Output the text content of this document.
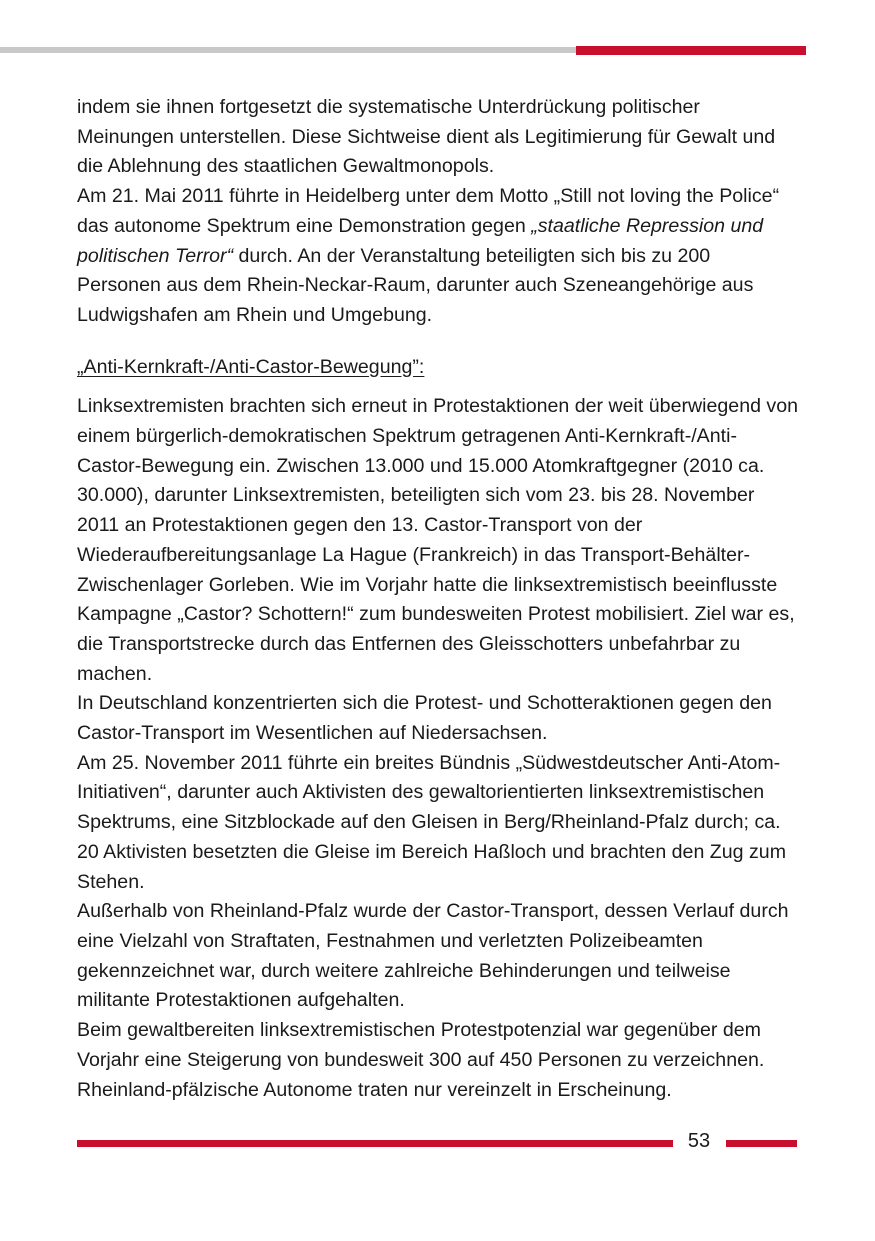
indem sie ihnen fortgesetzt die systematische Unterdrückung politischer Meinungen unterstellen. Diese Sichtweise dient als Legitimierung für Gewalt und die Ablehnung des staatlichen Gewaltmonopols.

Am 21. Mai 2011 führte in Heidelberg unter dem Motto „Still not loving the Police“ das autonome Spektrum eine Demonstration gegen „staatliche Repression und politischen Terror“ durch. An der Veranstaltung beteiligten sich bis zu 200 Personen aus dem Rhein-Neckar-Raum, darunter auch Szeneangehörige aus Ludwigshafen am Rhein und Umgebung.

„Anti-Kernkraft-/Anti-Castor-Bewegung”:

Linksextremisten brachten sich erneut in Protestaktionen der weit überwiegend von einem bürgerlich-demokratischen Spektrum getragenen Anti-Kernkraft-/Anti-Castor-Bewegung ein. Zwischen 13.000 und 15.000 Atomkraftgegner (2010 ca. 30.000), darunter Linksextremisten, beteiligten sich vom 23. bis 28. November 2011 an Protestaktionen gegen den 13. Castor-Transport von der Wiederaufbereitungsanlage La Hague (Frankreich) in das Transport-Behälter-Zwischenlager Gorleben. Wie im Vorjahr hatte die linksextremistisch beeinflusste Kampagne „Castor? Schottern!“ zum bundesweiten Protest mobilisiert. Ziel war es, die Transportstrecke durch das Entfernen des Gleisschotters unbefahrbar zu machen.

In Deutschland konzentrierten sich die Protest- und Schotteraktionen gegen den Castor-Transport im Wesentlichen auf Niedersachsen.

Am 25. November 2011 führte ein breites Bündnis „Südwestdeutscher Anti-Atom-Initiativen“, darunter auch Aktivisten des gewaltorientierten linksextremistischen Spektrums, eine Sitzblockade auf den Gleisen in Berg/Rheinland-Pfalz durch; ca. 20 Aktivisten besetzten die Gleise im Bereich Haßloch und brachten den Zug zum Stehen.

Außerhalb von Rheinland-Pfalz wurde der Castor-Transport, dessen Verlauf durch eine Vielzahl von Straftaten, Festnahmen und verletzten Polizeibeamten gekennzeichnet war, durch weitere zahlreiche Behinderungen und teilweise militante Protestaktionen aufgehalten.

Beim gewaltbereiten linksextremistischen Protestpotenzial war gegenüber dem Vorjahr eine Steigerung von bundesweit 300 auf 450 Personen zu verzeichnen. Rheinland-pfälzische Autonome traten nur vereinzelt in Erscheinung.

53
